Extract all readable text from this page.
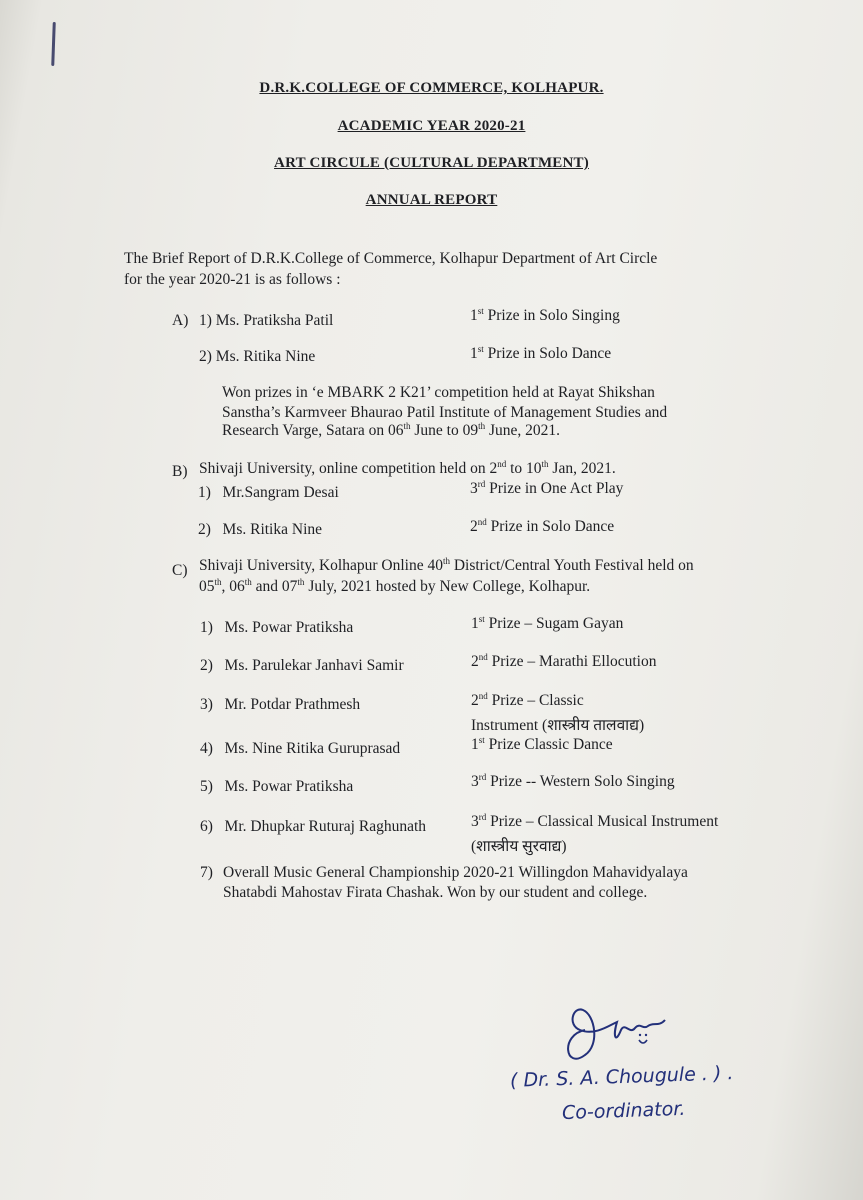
D.R.K.COLLEGE OF COMMERCE, KOLHAPUR.
ACADEMIC YEAR 2020-21
ART CIRCULE (CULTURAL DEPARTMENT)
ANNUAL REPORT
The Brief Report of D.R.K.College of Commerce, Kolhapur Department of Art Circle
for the year 2020-21 is as follows :
A) 1) Ms. Pratiksha Patil	1st Prize in Solo Singing
2) Ms. Ritika Nine	1st Prize in Solo Dance
Won prizes in ‘e MBARK 2 K21’ competition held at Rayat Shikshan
Sanstha’s Karmveer Bhaurao Patil Institute of Management Studies and
Research Varge, Satara on 06th June to 09th June, 2021.
B) Shivaji University, online competition held on 2nd to 10th Jan, 2021.
1) Mr.Sangram Desai	3rd Prize in One Act Play
2) Ms. Ritika Nine	2nd Prize in Solo Dance
C) Shivaji University, Kolhapur Online 40th District/Central Youth Festival held on
05th, 06th and 07th July, 2021 hosted by New College, Kolhapur.
1) Ms. Powar Pratiksha	1st Prize – Sugam Gayan
2) Ms. Parulekar Janhavi Samir	2nd Prize – Marathi Ellocution
3) Mr. Potdar Prathmesh	2nd Prize – Classic
Instrument (शास्त्रीय तालवाद्य)
4) Ms. Nine Ritika Guruprasad	1st Prize Classic Dance
5) Ms. Powar Pratiksha	3rd Prize -- Western Solo Singing
6) Mr. Dhupkar Ruturaj Raghunath	3rd Prize – Classical Musical Instrument
(शास्त्रीय सुरवाद्य)
7) Overall Music General Championship 2020-21 Willingdon Mahavidyalaya
Shatabdi Mahostav Firata Chashak. Won by our student and college.
( Dr. S. A. Chougule . ) .
Co-ordinator.
